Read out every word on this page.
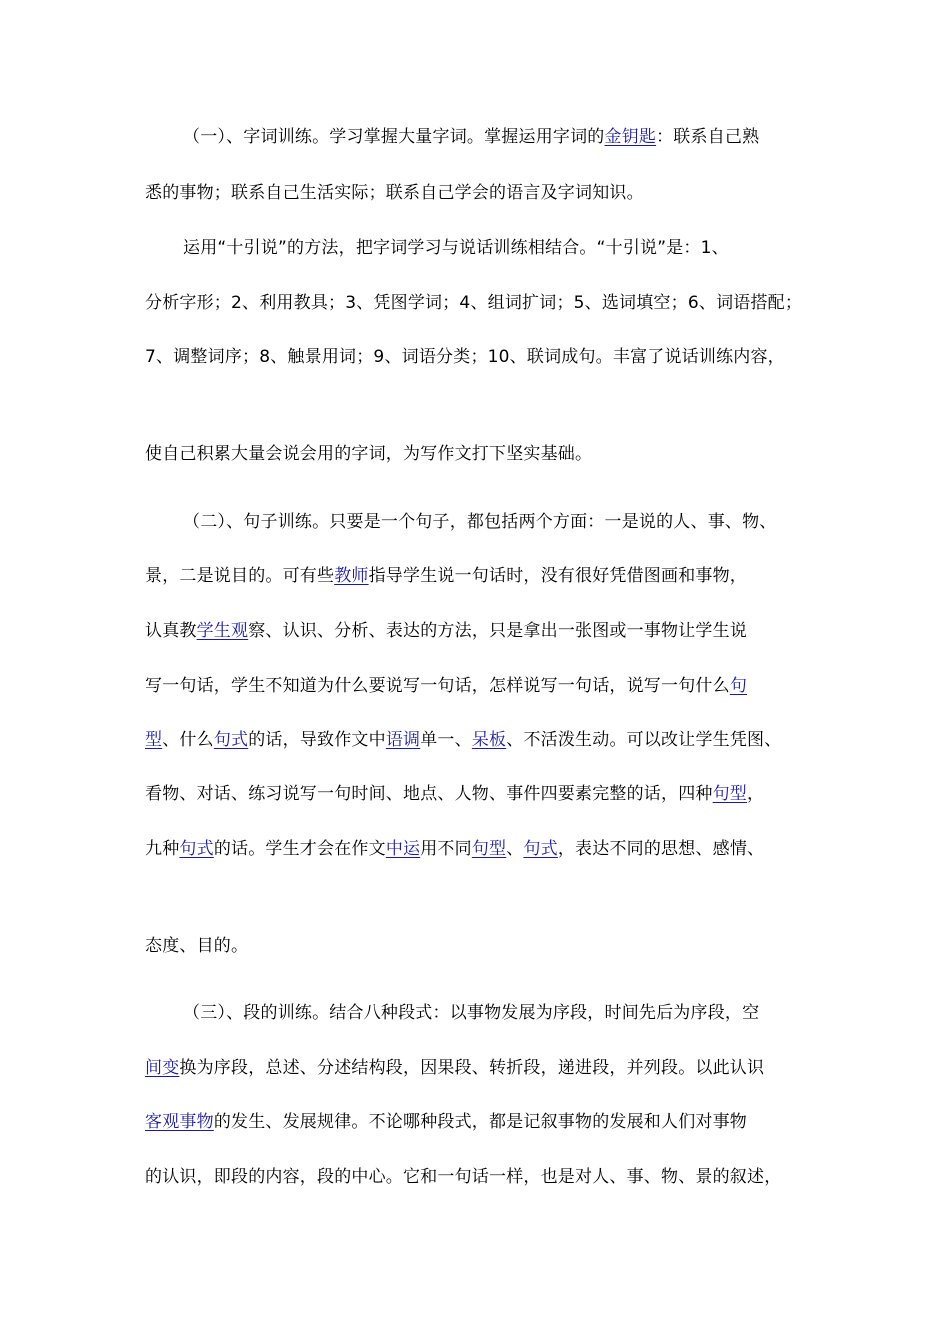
（一）、字词训练。学习掌握大量字词。掌握运用字词的金钥匙：联系自己熟
悉的事物；联系自己生活实际；联系自己学会的语言及字词知识。
运用“十引说”的方法，把字词学习与说话训练相结合。“十引说”是：1、
分析字形；2、利用教具；3、凭图学词；4、组词扩词；5、选词填空；6、词语搭配；
7、调整词序；8、触景用词；9、词语分类；10、联词成句。丰富了说话训练内容，
使自己积累大量会说会用的字词，为写作文打下坚实基础。
（二）、句子训练。只要是一个句子，都包括两个方面：一是说的人、事、物、
景，二是说目的。可有些教师指导学生说一句话时，没有很好凭借图画和事物，
认真教学生观察、认识、分析、表达的方法，只是拿出一张图或一事物让学生说
写一句话，学生不知道为什么要说写一句话，怎样说写一句话，说写一句什么句
型、什么句式的话，导致作文中语调单一、呆板、不活泼生动。可以改让学生凭图、
看物、对话、练习说写一句时间、地点、人物、事件四要素完整的话，四种句型，
九种句式的话。学生才会在作文中运用不同句型、句式，表达不同的思想、感情、
态度、目的。
（三）、段的训练。结合八种段式：以事物发展为序段，时间先后为序段，空
间变换为序段，总述、分述结构段，因果段、转折段，递进段，并列段。以此认识
客观事物的发生、发展规律。不论哪种段式，都是记叙事物的发展和人们对事物
的认识，即段的内容，段的中心。它和一句话一样，也是对人、事、物、景的叙述，
